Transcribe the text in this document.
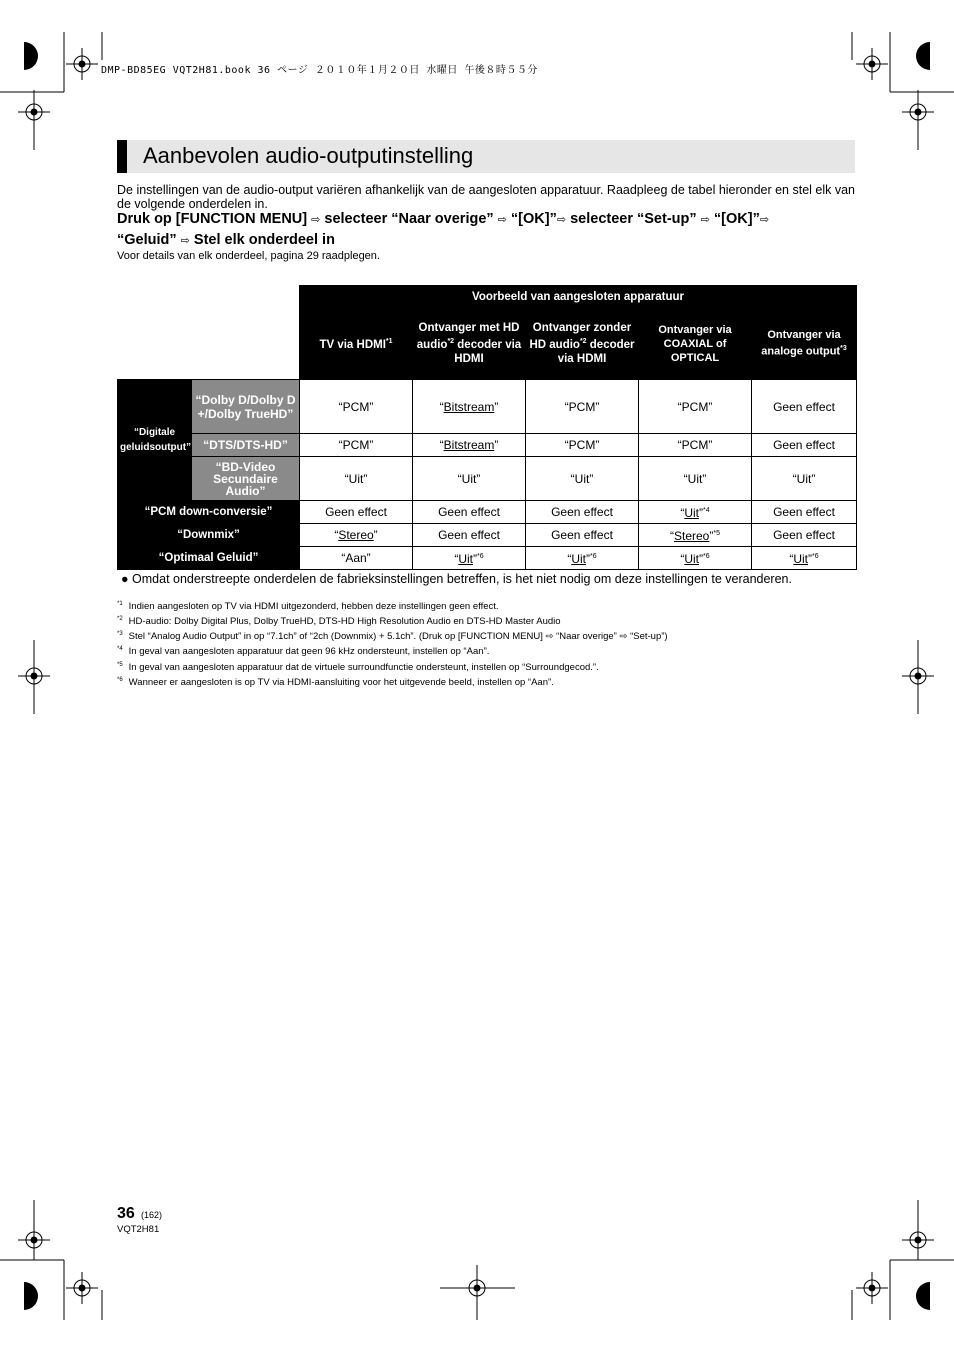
DMP-BD85EG VQT2H81.book 36 ページ ２０１０年１月２０日 水曜日 午後８時５５分
Aanbevolen audio-outputinstelling
De instellingen van de audio-output variëren afhankelijk van de aangesloten apparatuur. Raadpleeg de tabel hieronder en stel elk van de volgende onderdelen in.
Druk op [FUNCTION MENU] ⇨ selecteer “Naar overige” ⇨ “[OK]”⇨ selecteer “Set-up” ⇨ “[OK]”⇨
“Geluid” ⇨ Stel elk onderdeel in
Voor details van elk onderdeel, pagina 29 raadplegen.
		Voorbeeld van aangesloten apparatuur				
		TV via HDMI$^{*1}$	Ontvanger met HD audio$^{*2}$ decoder via HDMI	Ontvanger zonder HD audio$^{*2}$ decoder via HDMI	Ontvanger via COAXIAL of OPTICAL	Ontvanger via analoge output$^{*3}$

“Digitale geluidsoutput”	“Dolby D/Dolby D +/Dolby TrueHD”	“PCM”	“Bitstream”	“PCM”	“PCM”	Geen effect
	“DTS/DTS-HD”	“PCM”	“Bitstream”	“PCM”	“PCM”	Geen effect
	“BD-Video Secundaire Audio”	“Uit”	“Uit”	“Uit”	“Uit”	“Uit”
“PCM down-conversie”		Geen effect	Geen effect	Geen effect	“Uit”$^{*4}$	Geen effect
“Downmix”		“Stereo”	Geen effect	Geen effect	“Stereo”$^{*5}$	Geen effect
“Optimaal Geluid”		“Aan”	“Uit”$^{*6}$	“Uit”$^{*6}$	“Uit”$^{*6}$	“Uit”$^{*6}$
● Omdat onderstreepte onderdelen de fabrieksinstellingen betreffen, is het niet nodig om deze instellingen te veranderen.
$^{*1}$ Indien aangesloten op TV via HDMI uitgezonderd, hebben deze instellingen geen effect.
$^{*2}$ HD-audio: Dolby Digital Plus, Dolby TrueHD, DTS-HD High Resolution Audio en DTS-HD Master Audio
$^{*3}$ Stel “Analog Audio Output” in op “7.1ch” of “2ch (Downmix) + 5.1ch”. (Druk op [FUNCTION MENU] ⇨ “Naar overige” ⇨ “Set-up”)
$^{*4}$ In geval van aangesloten apparatuur dat geen 96 kHz ondersteunt, instellen op “Aan”.
$^{*5}$ In geval van aangesloten apparatuur dat de virtuele surroundfunctie ondersteunt, instellen op “Surroundgecod.”.
$^{*6}$ Wanneer er aangesloten is op TV via HDMI-aansluiting voor het uitgevende beeld, instellen op “Aan”.
36 (162)
VQT2H81
